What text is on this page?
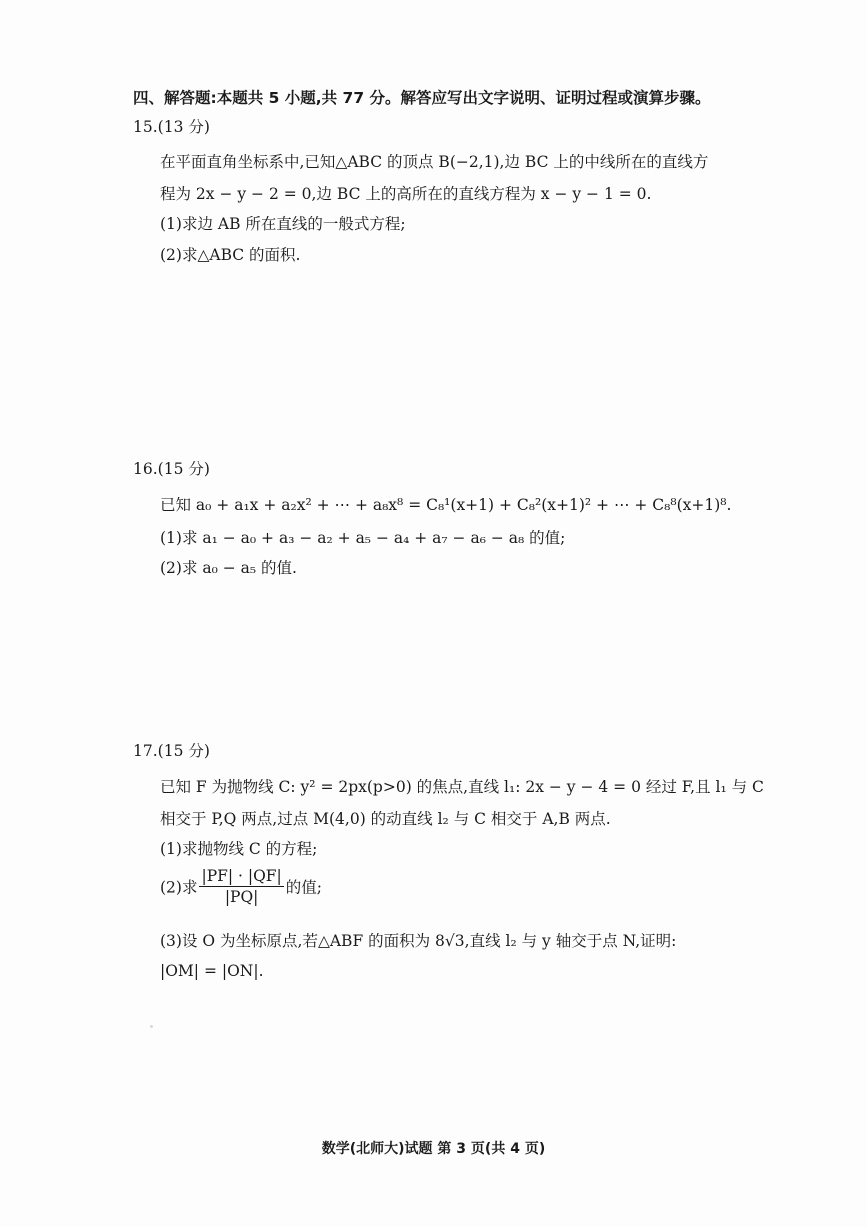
四、解答题:本题共 5 小题,共 77 分。解答应写出文字说明、证明过程或演算步骤。
15.(13 分)
在平面直角坐标系中,已知△ABC 的顶点 B(−2,1),边 BC 上的中线所在的直线方
程为 2x − y − 2 = 0,边 BC 上的高所在的直线方程为 x − y − 1 = 0.
(1)求边 AB 所在直线的一般式方程;
(2)求△ABC 的面积.
16.(15 分)
已知 a₀ + a₁x + a₂x² + ⋯ + a₈x⁸ = C₈¹(x+1) + C₈²(x+1)² + ⋯ + C₈⁸(x+1)⁸.
(1)求 a₁ − a₀ + a₃ − a₂ + a₅ − a₄ + a₇ − a₆ − a₈ 的值;
(2)求 a₀ − a₅ 的值.
17.(15 分)
已知 F 为抛物线 C: y² = 2px(p>0) 的焦点,直线 l₁: 2x − y − 4 = 0 经过 F,且 l₁ 与 C
相交于 P,Q 两点,过点 M(4,0) 的动直线 l₂ 与 C 相交于 A,B 两点.
(1)求抛物线 C 的方程;
(2)求 $\frac{|PF| \cdot |QF|}{|PQ|}$ 的值;
(3)设 O 为坐标原点,若△ABF 的面积为 8√3,直线 l₂ 与 y 轴交于点 N,证明:
|OM| = |ON|.
数学(北师大)试题 第 3 页(共 4 页)
